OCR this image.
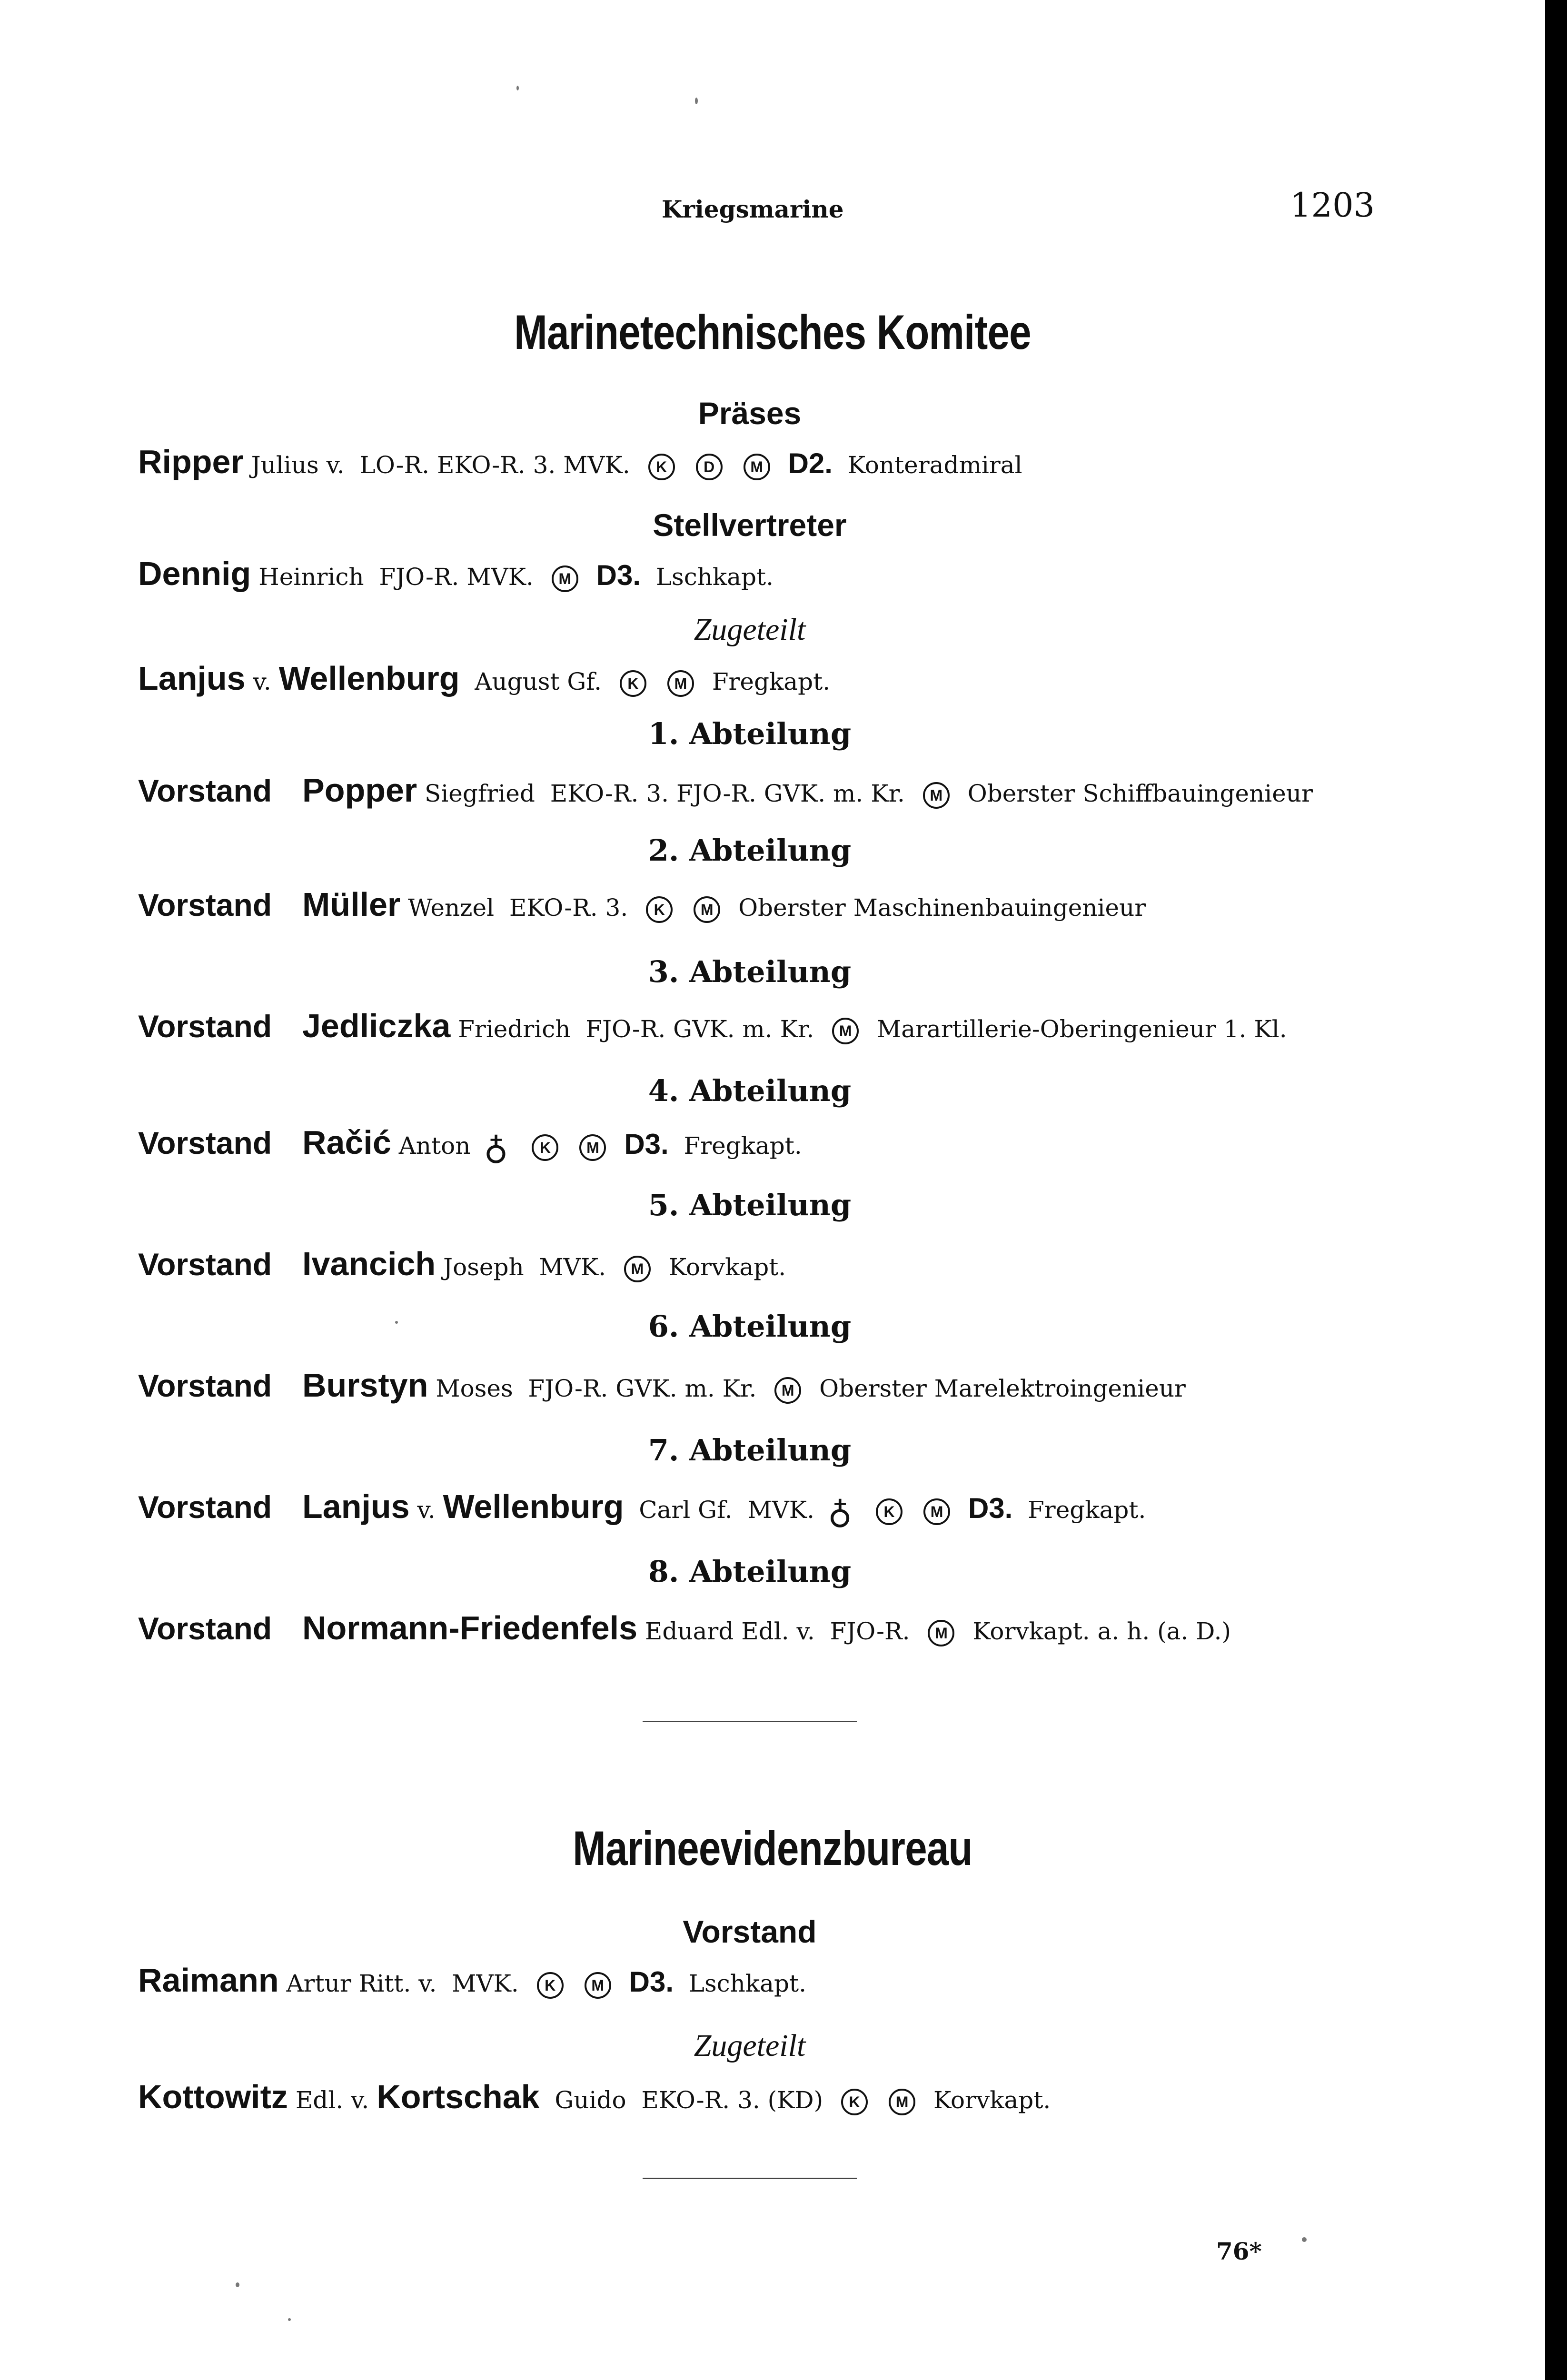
Kriegsmarine	1203
Marinetechnisches Komitee
Präses
Ripper Julius v. LO-R. EKO-R. 3. MVK. K D M D2. Konteradmiral
Stellvertreter
Dennig Heinrich FJO-R. MVK. M D3. Lschkapt.
Zugeteilt
Lanjus v. Wellenburg August Gf. K M Fregkapt.
1. Abteilung
Vorstand Popper Siegfried EKO-R. 3. FJO-R. GVK. m. Kr. M Oberster Schiffbauingenieur
2. Abteilung
Vorstand Müller Wenzel EKO-R. 3. K M Oberster Maschinenbauingenieur
3. Abteilung
Vorstand Jedliczka Friedrich FJO-R. GVK. m. Kr. M Marartillerie-Oberingenieur 1. Kl.
4. Abteilung
Vorstand Račić Anton ♁ K M D3. Fregkapt.
5. Abteilung
Vorstand Ivancich Joseph MVK. M Korvkapt.
6. Abteilung
Vorstand Burstyn Moses FJO-R. GVK. m. Kr. M Oberster Marelektroingenieur
7. Abteilung
Vorstand Lanjus v. Wellenburg Carl Gf. MVK. ♁ K M D3. Fregkapt.
8. Abteilung
Vorstand Normann-Friedenfels Eduard Edl. v. FJO-R. M Korvkapt. a. h. (a. D.)
Marineevidenzbureau
Vorstand
Raimann Artur Ritt. v. MVK. K M D3. Lschkapt.
Zugeteilt
Kottowitz Edl. v. Kortschak Guido EKO-R. 3. (KD) K M Korvkapt.
76*
